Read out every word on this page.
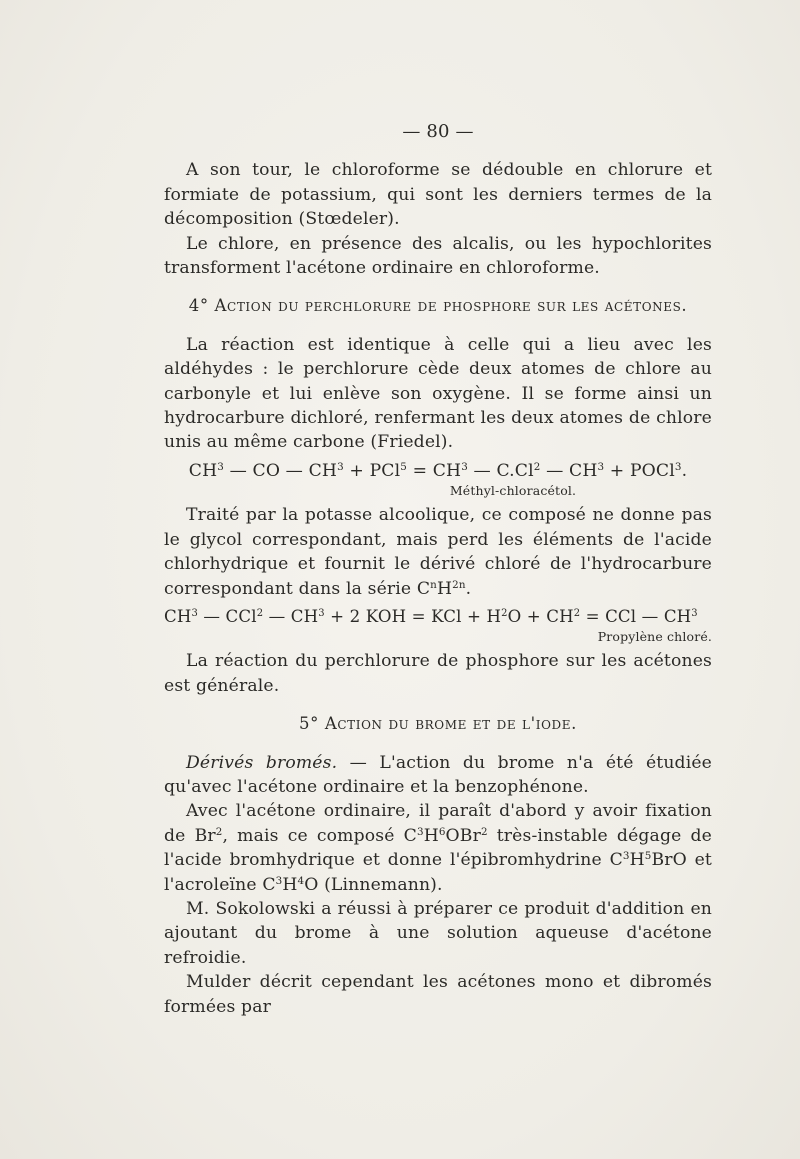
— 80 —

A son tour, le chloroforme se dédouble en chlorure et formiate de potassium, qui sont les derniers termes de la décomposition (Stœdeler).

Le chlore, en présence des alcalis, ou les hypochlorites transforment l'acétone ordinaire en chloroforme.

4° Action du perchlorure de phosphore sur les acétones.

La réaction est identique à celle qui a lieu avec les aldéhydes : le perchlorure cède deux atomes de chlore au carbonyle et lui enlève son oxygène. Il se forme ainsi un hydrocarbure dichloré, renfermant les deux atomes de chlore unis au même carbone (Friedel).

$CH^3$ — CO — $CH^3 + PCl^5 = CH^3$ — C.Cl$^2$ — $CH^3$ + POCl$^3$.
Méthyl-chloracétol.

Traité par la potasse alcoolique, ce composé ne donne pas le glycol correspondant, mais perd les éléments de l'acide chlorhydrique et fournit le dérivé chloré de l'hydrocarbure correspondant dans la série $C^nH^{2n}$.

$CH^3$ — CCl$^2$ — $CH^3 + 2$ KOH = KCl + $H^2O + CH^2$ = CCl — $CH^3$
Propylène chloré.

La réaction du perchlorure de phosphore sur les acétones est générale.

5° Action du brome et de l'iode.

Dérivés bromés. — L'action du brome n'a été étudiée qu'avec l'acétone ordinaire et la benzophénone.

Avec l'acétone ordinaire, il paraît d'abord y avoir fixation de Br$^2$, mais ce composé $C^3H^6OBr^2$ très-instable dégage de l'acide bromhydrique et donne l'épibromhydrine $C^3H^5BrO$ et l'acroleïne $C^3H^4O$ (Linnemann).

M. Sokolowski a réussi à préparer ce produit d'addition en ajoutant du brome à une solution aqueuse d'acétone refroidie.

Mulder décrit cependant les acétones mono et dibromés formées par
